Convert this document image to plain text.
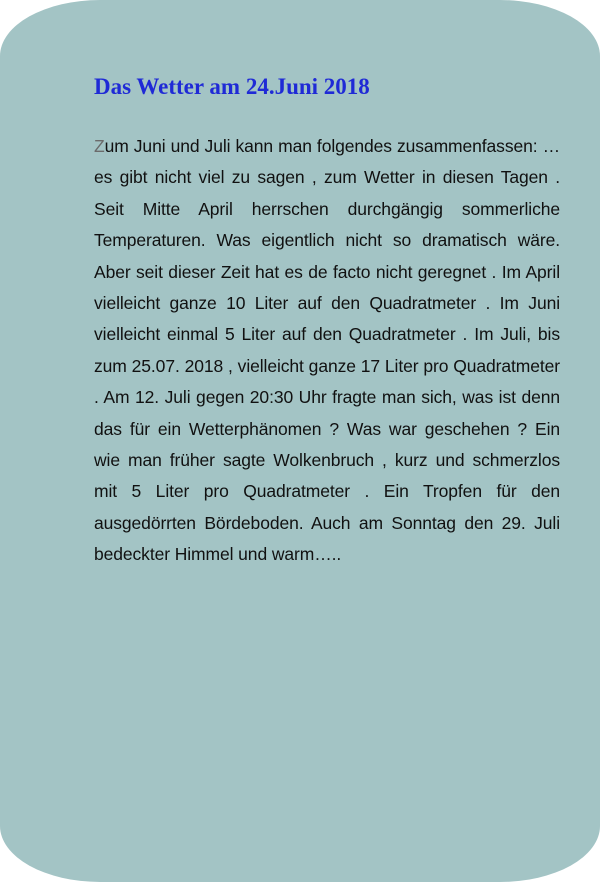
Das Wetter am 24.Juni 2018

Zum Juni und Juli kann man folgendes zusammenfassen: … es gibt nicht viel zu sagen , zum Wetter in diesen Tagen . Seit Mitte April herrschen durchgängig sommerliche Temperaturen. Was eigentlich nicht so dramatisch wäre. Aber seit dieser Zeit hat es de facto nicht geregnet . Im April vielleicht ganze 10 Liter auf den Quadratmeter . Im Juni vielleicht einmal 5 Liter auf den Quadratmeter . Im Juli, bis zum 25.07. 2018 , vielleicht ganze 17 Liter pro Quadratmeter . Am 12. Juli gegen 20:30 Uhr fragte man sich, was ist denn das für ein Wetterphänomen ? Was war geschehen ? Ein wie man früher sagte Wolkenbruch , kurz und schmerzlos mit 5 Liter pro Quadratmeter . Ein Tropfen für den ausgedörrten Bördeboden. Auch am Sonntag den 29. Juli bedeckter Himmel und warm…..
